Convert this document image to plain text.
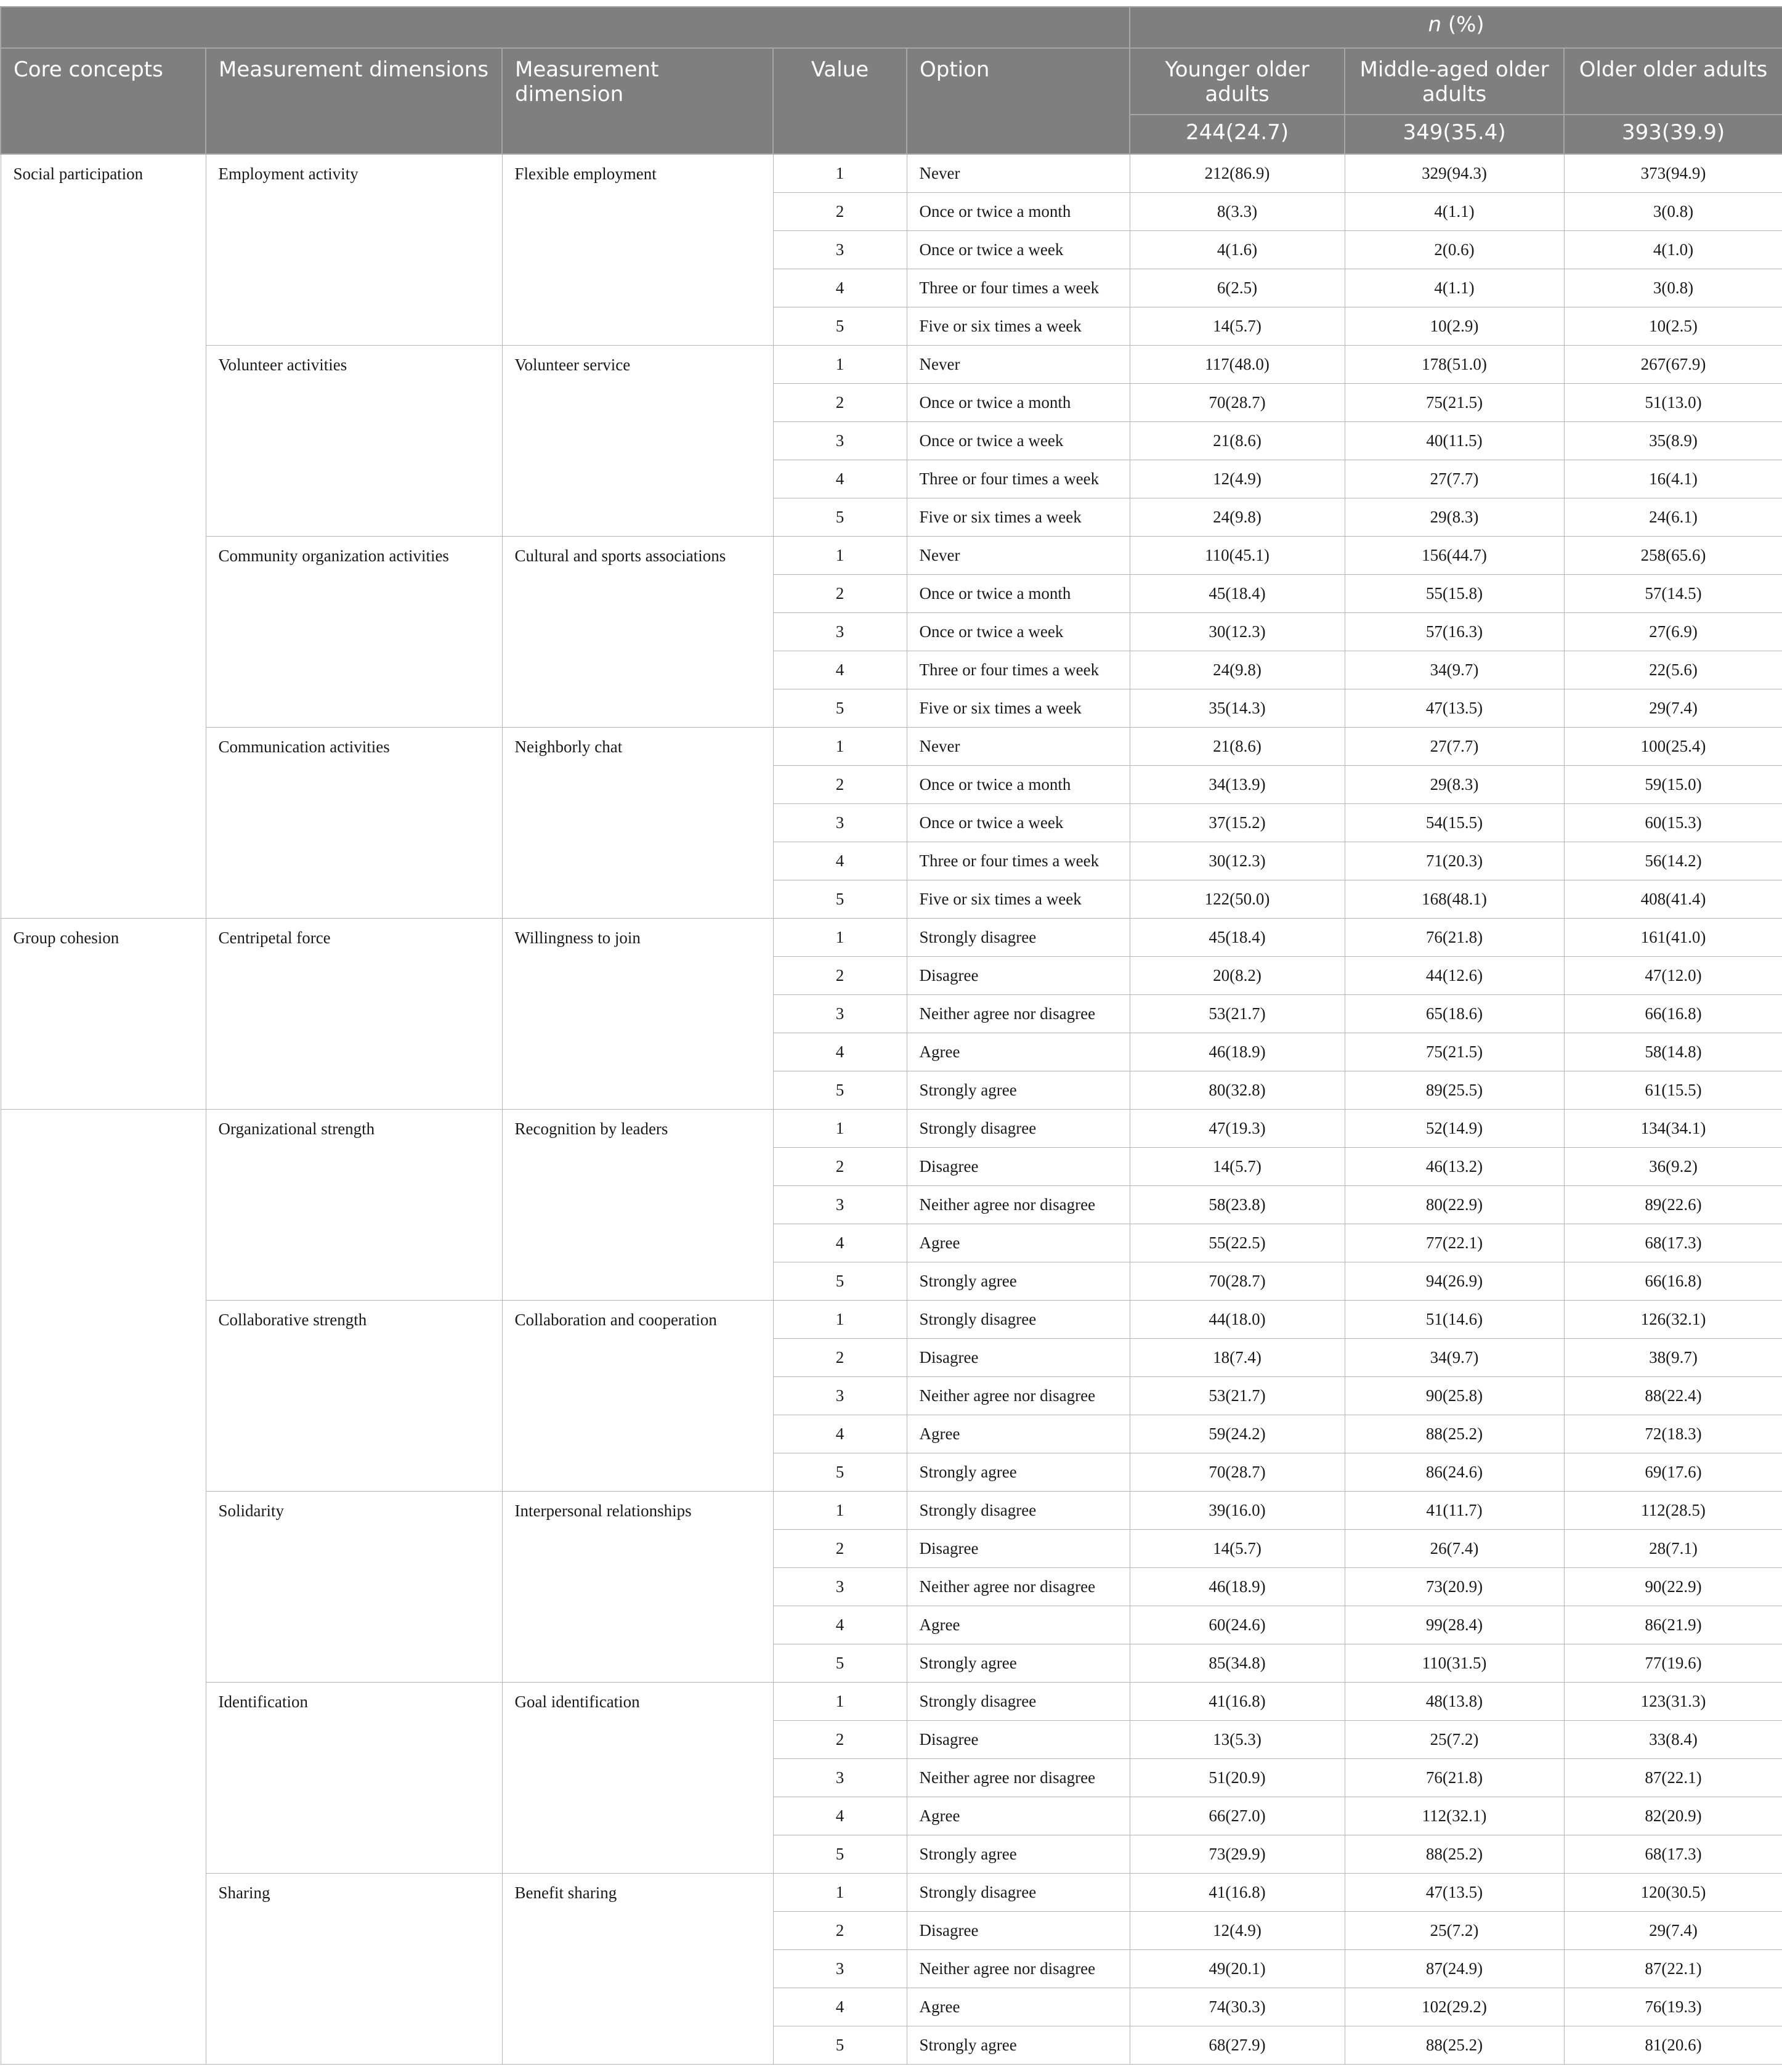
					n (%)		
Core concepts	Measurement dimensions	Measurement dimension	Value	Option	Younger older adults	Middle-aged older adults	Older older adults
					244(24.7)	349(35.4)	393(39.9)
Social participation	Employment activity	Flexible employment	1	Never	212(86.9)	329(94.3)	373(94.9)
			2	Once or twice a month	8(3.3)	4(1.1)	3(0.8)
			3	Once or twice a week	4(1.6)	2(0.6)	4(1.0)
			4	Three or four times a week	6(2.5)	4(1.1)	3(0.8)
			5	Five or six times a week	14(5.7)	10(2.9)	10(2.5)
	Volunteer activities	Volunteer service	1	Never	117(48.0)	178(51.0)	267(67.9)
			2	Once or twice a month	70(28.7)	75(21.5)	51(13.0)
			3	Once or twice a week	21(8.6)	40(11.5)	35(8.9)
			4	Three or four times a week	12(4.9)	27(7.7)	16(4.1)
			5	Five or six times a week	24(9.8)	29(8.3)	24(6.1)
	Community organization activities	Cultural and sports associations	1	Never	110(45.1)	156(44.7)	258(65.6)
			2	Once or twice a month	45(18.4)	55(15.8)	57(14.5)
			3	Once or twice a week	30(12.3)	57(16.3)	27(6.9)
			4	Three or four times a week	24(9.8)	34(9.7)	22(5.6)
			5	Five or six times a week	35(14.3)	47(13.5)	29(7.4)
	Communication activities	Neighborly chat	1	Never	21(8.6)	27(7.7)	100(25.4)
			2	Once or twice a month	34(13.9)	29(8.3)	59(15.0)
			3	Once or twice a week	37(15.2)	54(15.5)	60(15.3)
			4	Three or four times a week	30(12.3)	71(20.3)	56(14.2)
			5	Five or six times a week	122(50.0)	168(48.1)	408(41.4)
Group cohesion	Centripetal force	Willingness to join	1	Strongly disagree	45(18.4)	76(21.8)	161(41.0)
			2	Disagree	20(8.2)	44(12.6)	47(12.0)
			3	Neither agree nor disagree	53(21.7)	65(18.6)	66(16.8)
			4	Agree	46(18.9)	75(21.5)	58(14.8)
			5	Strongly agree	80(32.8)	89(25.5)	61(15.5)
	Organizational strength	Recognition by leaders	1	Strongly disagree	47(19.3)	52(14.9)	134(34.1)
			2	Disagree	14(5.7)	46(13.2)	36(9.2)
			3	Neither agree nor disagree	58(23.8)	80(22.9)	89(22.6)
			4	Agree	55(22.5)	77(22.1)	68(17.3)
			5	Strongly agree	70(28.7)	94(26.9)	66(16.8)
	Collaborative strength	Collaboration and cooperation	1	Strongly disagree	44(18.0)	51(14.6)	126(32.1)
			2	Disagree	18(7.4)	34(9.7)	38(9.7)
			3	Neither agree nor disagree	53(21.7)	90(25.8)	88(22.4)
			4	Agree	59(24.2)	88(25.2)	72(18.3)
			5	Strongly agree	70(28.7)	86(24.6)	69(17.6)
	Solidarity	Interpersonal relationships	1	Strongly disagree	39(16.0)	41(11.7)	112(28.5)
			2	Disagree	14(5.7)	26(7.4)	28(7.1)
			3	Neither agree nor disagree	46(18.9)	73(20.9)	90(22.9)
			4	Agree	60(24.6)	99(28.4)	86(21.9)
			5	Strongly agree	85(34.8)	110(31.5)	77(19.6)
	Identification	Goal identification	1	Strongly disagree	41(16.8)	48(13.8)	123(31.3)
			2	Disagree	13(5.3)	25(7.2)	33(8.4)
			3	Neither agree nor disagree	51(20.9)	76(21.8)	87(22.1)
			4	Agree	66(27.0)	112(32.1)	82(20.9)
			5	Strongly agree	73(29.9)	88(25.2)	68(17.3)
	Sharing	Benefit sharing	1	Strongly disagree	41(16.8)	47(13.5)	120(30.5)
			2	Disagree	12(4.9)	25(7.2)	29(7.4)
			3	Neither agree nor disagree	49(20.1)	87(24.9)	87(22.1)
			4	Agree	74(30.3)	102(29.2)	76(19.3)
			5	Strongly agree	68(27.9)	88(25.2)	81(20.6)
